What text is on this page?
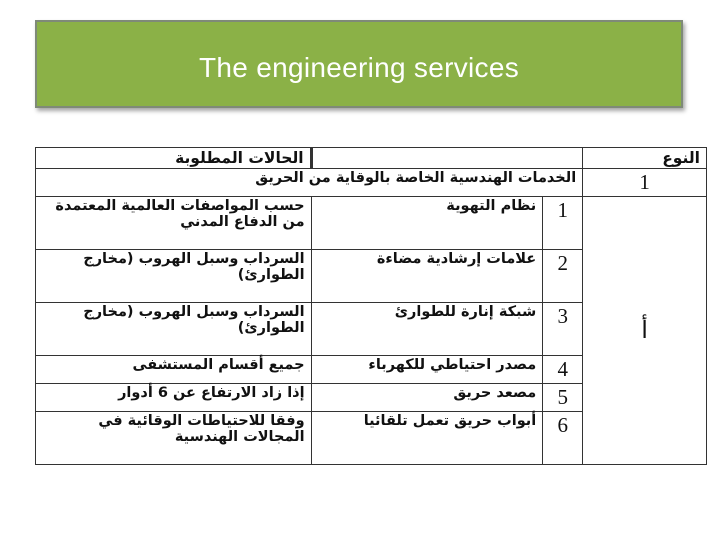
The engineering services
النوع			الحالات المطلوبة
1	الخدمات الهندسية الخاصة بالوقاية من الحريق		
أ	1	نظام التهوية	حسب المواصفات العالمية المعتمدة من الدفاع المدني
	2	علامات إرشادية مضاءة	السرداب وسبل الهروب (مخارج الطوارئ)
	3	شبكة إنارة للطوارئ	السرداب وسبل الهروب (مخارج الطوارئ)
	4	مصدر احتياطي للكهرباء	جميع أقسام المستشفى
	5	مصعد حريق	إذا زاد الارتفاع عن 6 أدوار
	6	أبواب حريق تعمل تلقائيا	وفقا للاحتياطات الوقائية في المجالات الهندسية
